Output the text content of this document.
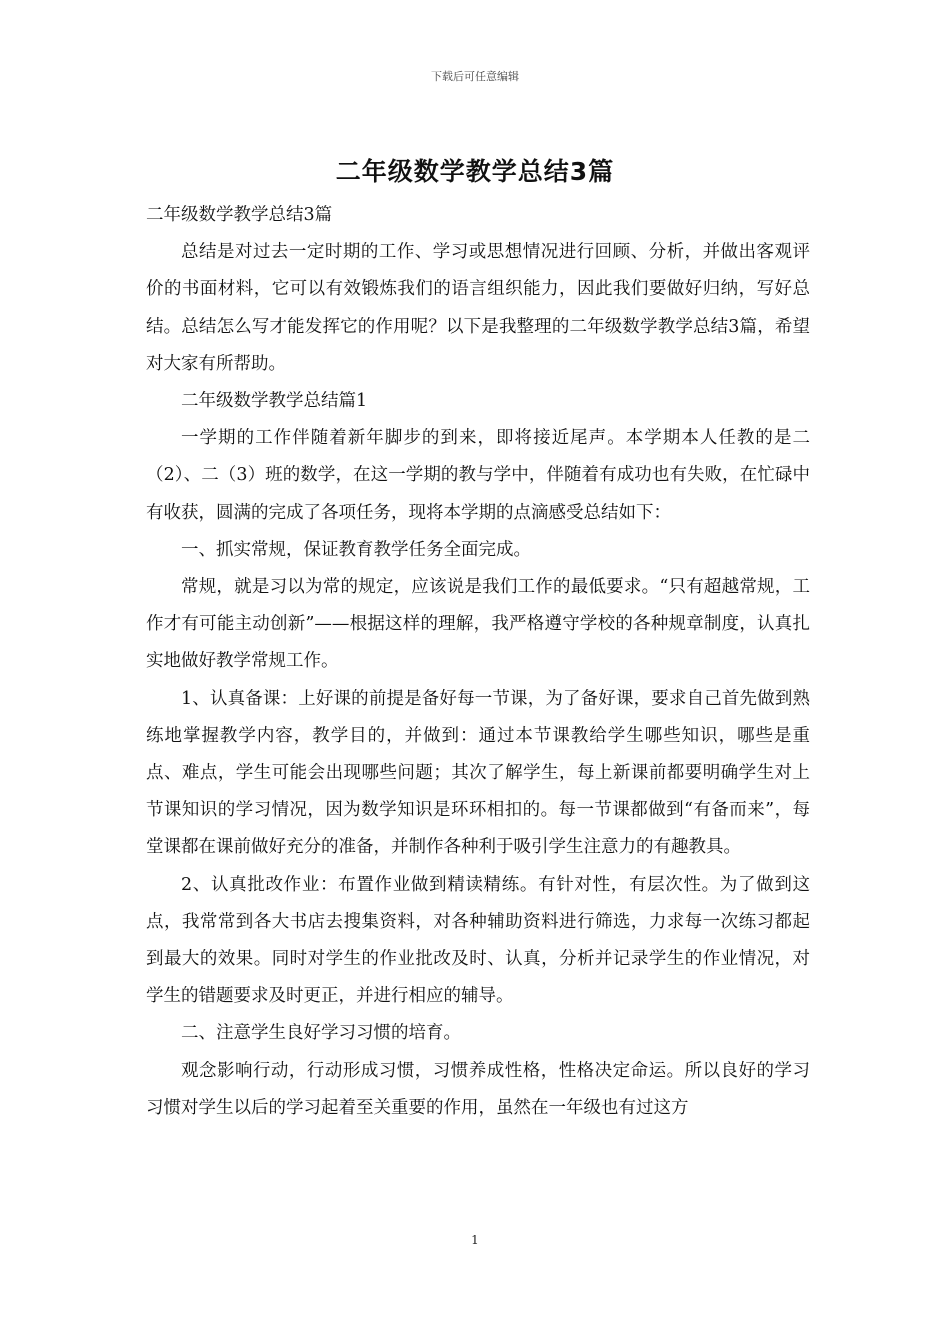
下载后可任意编辑
二年级数学教学总结3篇

二年级数学教学总结3篇

总结是对过去一定时期的工作、学习或思想情况进行回顾、分析，并做出客观评价的书面材料，它可以有效锻炼我们的语言组织能力，因此我们要做好归纳，写好总结。总结怎么写才能发挥它的作用呢？以下是我整理的二年级数学教学总结3篇，希望对大家有所帮助。

二年级数学教学总结篇1

一学期的工作伴随着新年脚步的到来，即将接近尾声。本学期本人任教的是二（2）、二（3）班的数学，在这一学期的教与学中，伴随着有成功也有失败，在忙碌中有收获，圆满的完成了各项任务，现将本学期的点滴感受总结如下：

一、抓实常规，保证教育教学任务全面完成。

常规，就是习以为常的规定，应该说是我们工作的最低要求。“只有超越常规，工作才有可能主动创新”——根据这样的理解，我严格遵守学校的各种规章制度，认真扎实地做好教学常规工作。

1、认真备课：上好课的前提是备好每一节课，为了备好课，要求自己首先做到熟练地掌握教学内容，教学目的，并做到：通过本节课教给学生哪些知识，哪些是重点、难点，学生可能会出现哪些问题；其次了解学生，每上新课前都要明确学生对上节课知识的学习情况，因为数学知识是环环相扣的。每一节课都做到“有备而来”，每堂课都在课前做好充分的准备，并制作各种利于吸引学生注意力的有趣教具。

2、认真批改作业：布置作业做到精读精练。有针对性，有层次性。为了做到这点，我常常到各大书店去搜集资料，对各种辅助资料进行筛选，力求每一次练习都起到最大的效果。同时对学生的作业批改及时、认真，分析并记录学生的作业情况，对学生的错题要求及时更正，并进行相应的辅导。

二、注意学生良好学习习惯的培育。

观念影响行动，行动形成习惯，习惯养成性格，性格决定命运。所以良好的学习习惯对学生以后的学习起着至关重要的作用，虽然在一年级也有过这方

1
